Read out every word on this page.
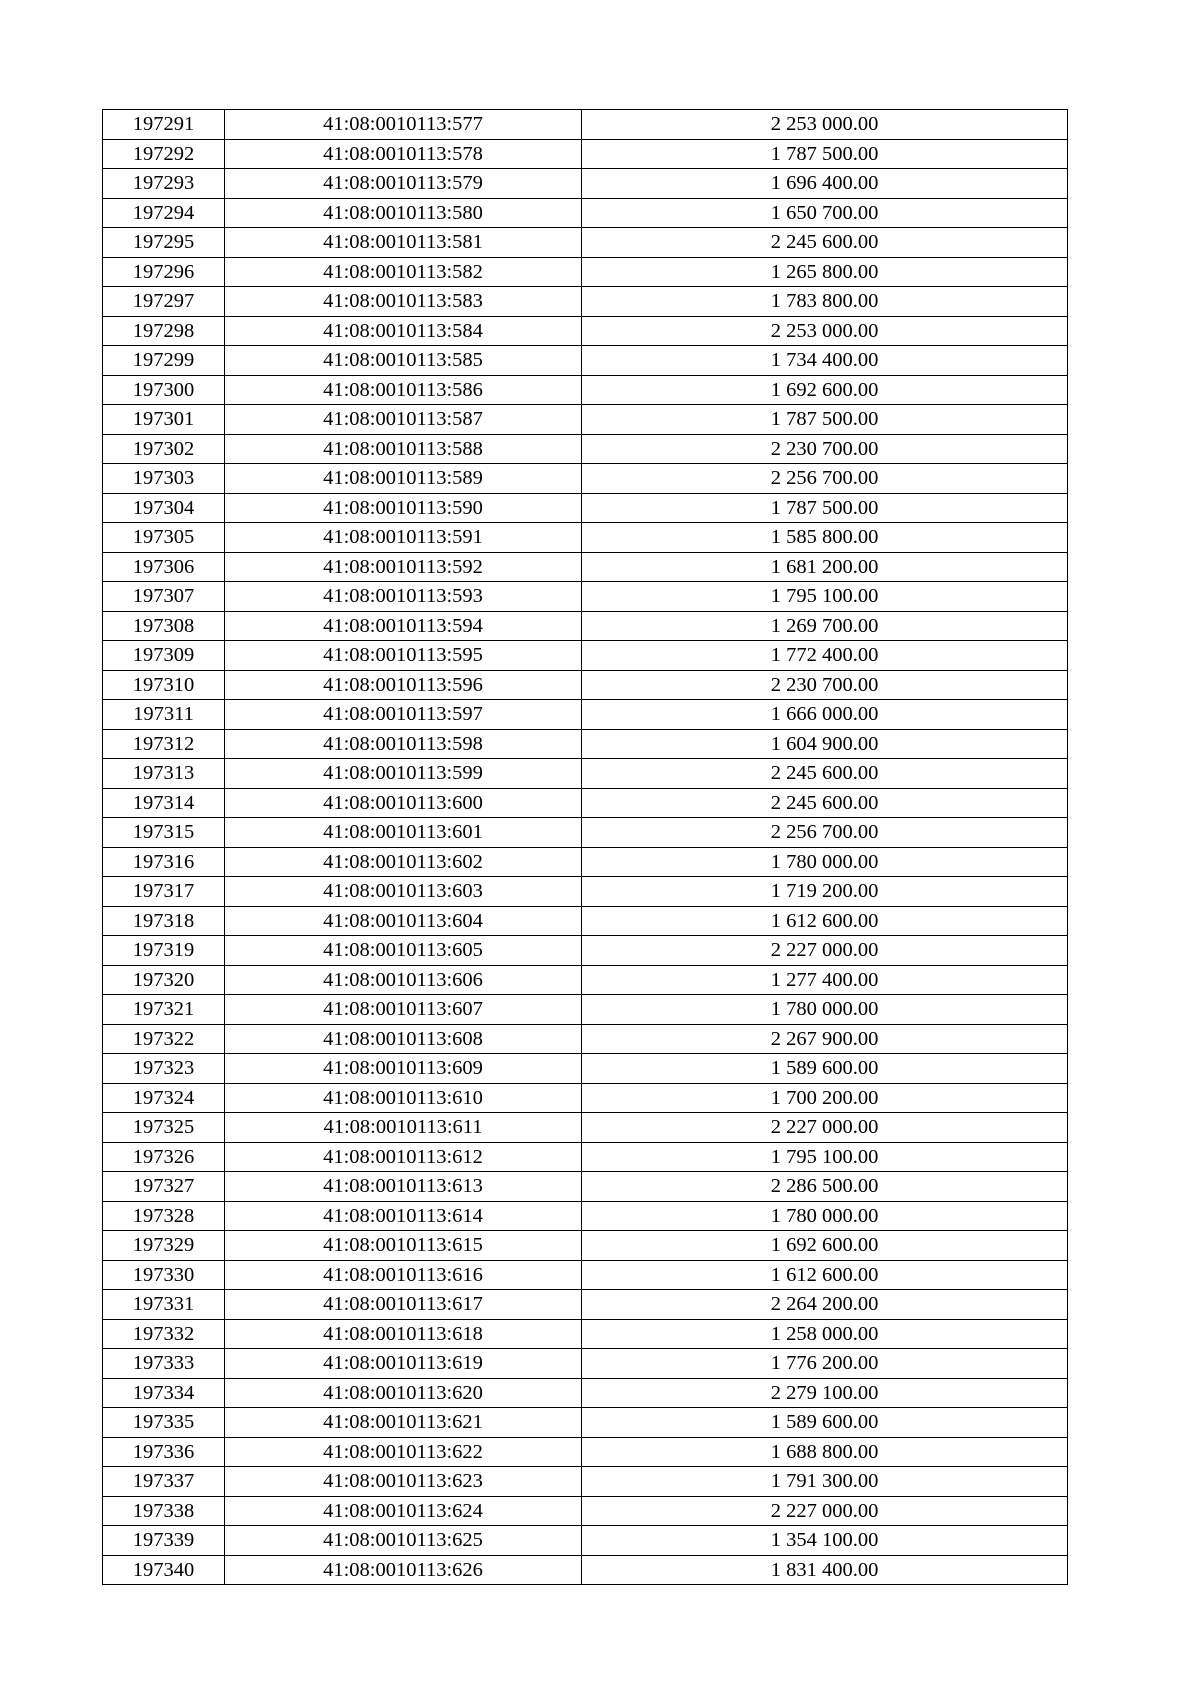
197291	41:08:0010113:577	2 253 000.00
197292	41:08:0010113:578	1 787 500.00
197293	41:08:0010113:579	1 696 400.00
197294	41:08:0010113:580	1 650 700.00
197295	41:08:0010113:581	2 245 600.00
197296	41:08:0010113:582	1 265 800.00
197297	41:08:0010113:583	1 783 800.00
197298	41:08:0010113:584	2 253 000.00
197299	41:08:0010113:585	1 734 400.00
197300	41:08:0010113:586	1 692 600.00
197301	41:08:0010113:587	1 787 500.00
197302	41:08:0010113:588	2 230 700.00
197303	41:08:0010113:589	2 256 700.00
197304	41:08:0010113:590	1 787 500.00
197305	41:08:0010113:591	1 585 800.00
197306	41:08:0010113:592	1 681 200.00
197307	41:08:0010113:593	1 795 100.00
197308	41:08:0010113:594	1 269 700.00
197309	41:08:0010113:595	1 772 400.00
197310	41:08:0010113:596	2 230 700.00
197311	41:08:0010113:597	1 666 000.00
197312	41:08:0010113:598	1 604 900.00
197313	41:08:0010113:599	2 245 600.00
197314	41:08:0010113:600	2 245 600.00
197315	41:08:0010113:601	2 256 700.00
197316	41:08:0010113:602	1 780 000.00
197317	41:08:0010113:603	1 719 200.00
197318	41:08:0010113:604	1 612 600.00
197319	41:08:0010113:605	2 227 000.00
197320	41:08:0010113:606	1 277 400.00
197321	41:08:0010113:607	1 780 000.00
197322	41:08:0010113:608	2 267 900.00
197323	41:08:0010113:609	1 589 600.00
197324	41:08:0010113:610	1 700 200.00
197325	41:08:0010113:611	2 227 000.00
197326	41:08:0010113:612	1 795 100.00
197327	41:08:0010113:613	2 286 500.00
197328	41:08:0010113:614	1 780 000.00
197329	41:08:0010113:615	1 692 600.00
197330	41:08:0010113:616	1 612 600.00
197331	41:08:0010113:617	2 264 200.00
197332	41:08:0010113:618	1 258 000.00
197333	41:08:0010113:619	1 776 200.00
197334	41:08:0010113:620	2 279 100.00
197335	41:08:0010113:621	1 589 600.00
197336	41:08:0010113:622	1 688 800.00
197337	41:08:0010113:623	1 791 300.00
197338	41:08:0010113:624	2 227 000.00
197339	41:08:0010113:625	1 354 100.00
197340	41:08:0010113:626	1 831 400.00
